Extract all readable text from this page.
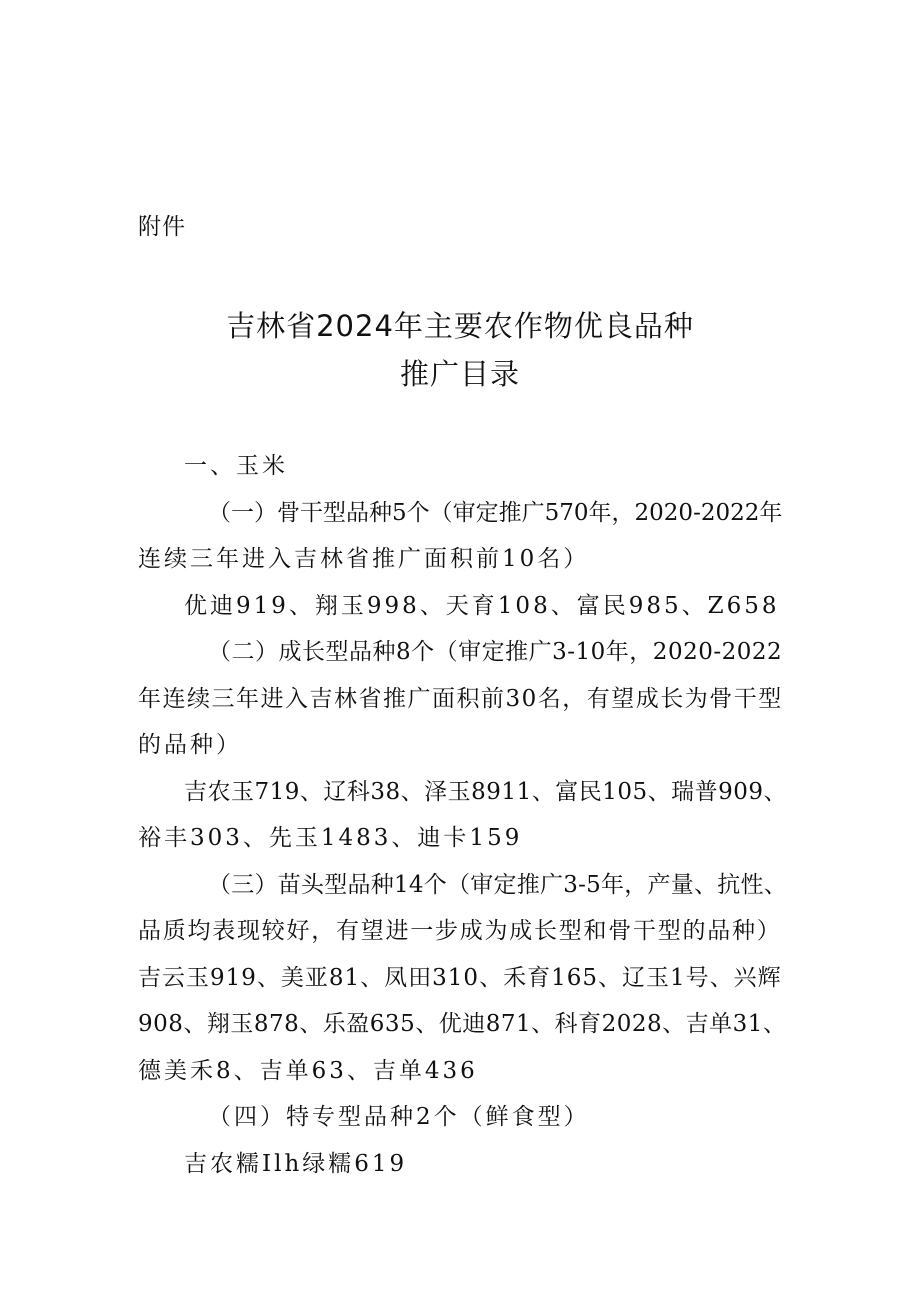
附件
吉林省2024年主要农作物优良品种
推广目录

一、玉米

（一）骨干型品种5个（审定推广570年，2020-2022年

连续三年进入吉林省推广面积前10名）

优迪919、翔玉998、天育108、富民985、Z658

（二）成长型品种8个（审定推广3-10年，2020-2022

年连续三年进入吉林省推广面积前30名，有望成长为骨干型

的品种）

吉农玉719、辽科38、泽玉8911、富民105、瑞普909、

裕丰303、先玉1483、迪卡159

（三）苗头型品种14个（审定推广3-5年，产量、抗性、

品质均表现较好，有望进一步成为成长型和骨干型的品种）

吉云玉919、美亚81、凤田310、禾育165、辽玉1号、兴辉

908、翔玉878、乐盈635、优迪871、科育2028、吉单31、

德美禾8、吉单63、吉单436

（四）特专型品种2个（鲜食型）

吉农糯Ilh绿糯619
